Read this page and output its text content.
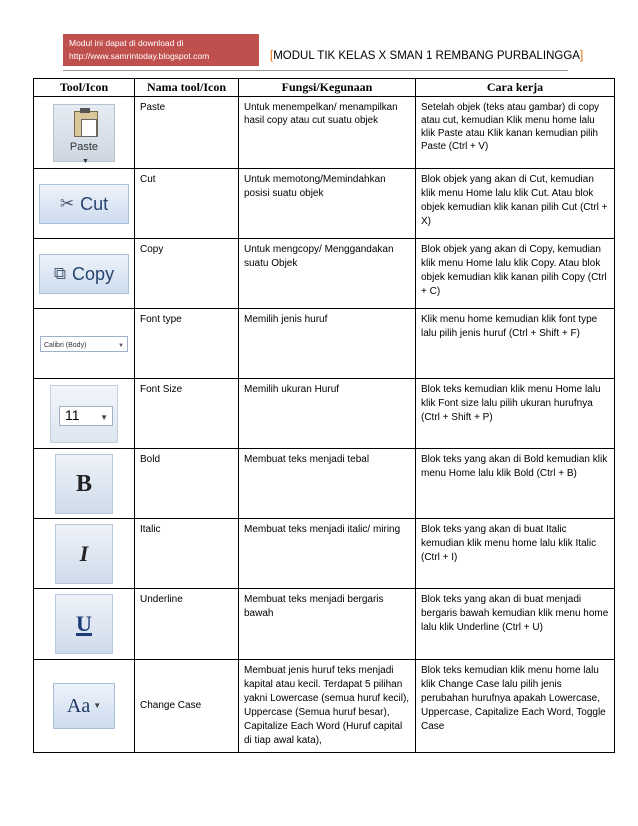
Modul ini dapat di download di
http://www.samrintoday.blogspot.com	[MODUL TIK KELAS X SMAN 1 REMBANG PURBALINGGA]
Tool/Icon	Nama tool/Icon	Fungsi/Kegunaan	Cara kerja

Paste
▼	Paste	Untuk menempelkan/ menampilkan hasil copy atau cut suatu objek	Setelah objek (teks atau gambar) di copy atau cut, kemudian Klik menu home lalu klik Paste atau Klik kanan kemudian pilih Paste (Ctrl + V)

✂ Cut	Cut	Untuk memotong/Memindahkan posisi suatu objek	Blok objek yang akan di Cut, kemudian klik menu Home lalu klik Cut. Atau blok objek kemudian klik kanan pilih Cut (Ctrl + X)

⧉ Copy	Copy	Untuk mengcopy/ Menggandakan suatu Objek	Blok objek yang akan di Copy, kemudian klik menu Home lalu klik Copy. Atau blok objek kemudian klik kanan pilih Copy (Ctrl + C)

Calibri (Body) ▼	Font type	Memilih jenis huruf	Klik menu home kemudian klik font type lalu pilih jenis huruf (Ctrl + Shift + F)

11 ▼	Font Size	Memilih ukuran Huruf	Blok teks kemudian klik menu Home lalu klik Font size lalu pilih ukuran hurufnya (Ctrl + Shift + P)

B	Bold	Membuat teks menjadi tebal	Blok teks yang akan di Bold kemudian klik menu Home lalu klik Bold (Ctrl + B)

I	Italic	Membuat teks menjadi italic/ miring	Blok teks yang akan di buat Italic kemudian klik menu home lalu klik Italic (Ctrl + I)

U	Underline	Membuat teks menjadi bergaris bawah	Blok teks yang akan di buat menjadi bergaris bawah kemudian klik menu home lalu klik Underline (Ctrl + U)

Aa ▼	Change Case	Membuat jenis huruf teks menjadi kapital atau kecil. Terdapat 5 pilihan yakni Lowercase (semua huruf kecil), Uppercase (Semua huruf besar), Capitalize Each Word (Huruf capital di tiap awal kata),	Blok teks kemudian klik menu home lalu klik Change Case lalu pilih jenis perubahan hurufnya apakah Lowercase, Uppercase, Capitalize Each Word, Toggle Case
